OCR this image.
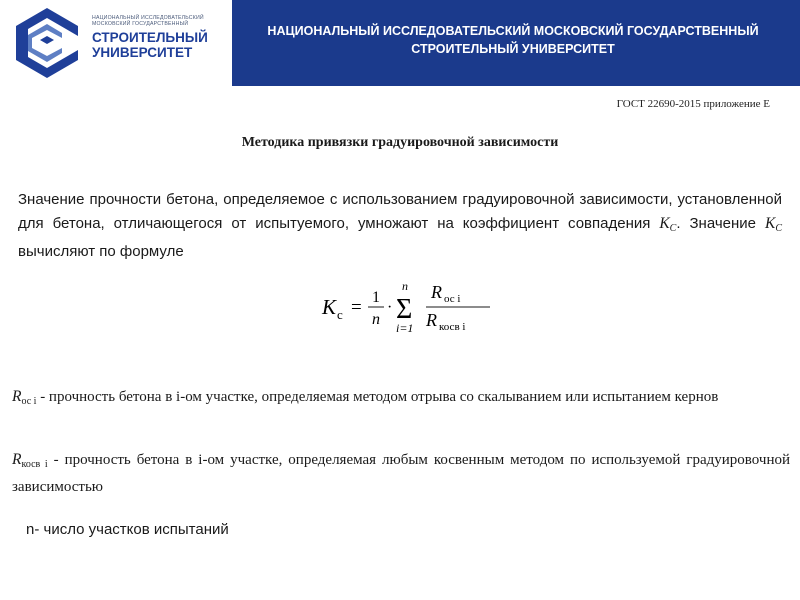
НАЦИОНАЛЬНЫЙ ИССЛЕДОВАТЕЛЬСКИЙ МОСКОВСКИЙ ГОСУДАРСТВЕННЫЙ
СТРОИТЕЛЬНЫЙ УНИВЕРСИТЕТ
НАЦИОНАЛЬНЫЙ ИССЛЕДОВАТЕЛЬСКИЙ
МОСКОВСКИЙ ГОСУДАРСТВЕННЫЙ
СТРОИТЕЛЬНЫЙ
УНИВЕРСИТЕТ
ГОСТ 22690-2015 приложение Е
Методика привязки градуировочной зависимости
Значение прочности бетона, определяемое с использованием градуировочной зависимости, установленной для бетона, отличающегося от испытуемого, умножают на коэффициент совпадения $K_С$. Значение $K_С$ вычисляют по формуле
K с = 1
n
·
n
Σ
i=1
R ос i
R косв i
$R_{ос i}$ - прочность бетона в i-ом участке, определяемая методом отрыва со скалыванием или испытанием кернов
$R_{косв i}$ - прочность бетона в i-ом участке, определяемая любым косвенным методом по используемой градуировочной зависимостью
n- число участков испытаний
